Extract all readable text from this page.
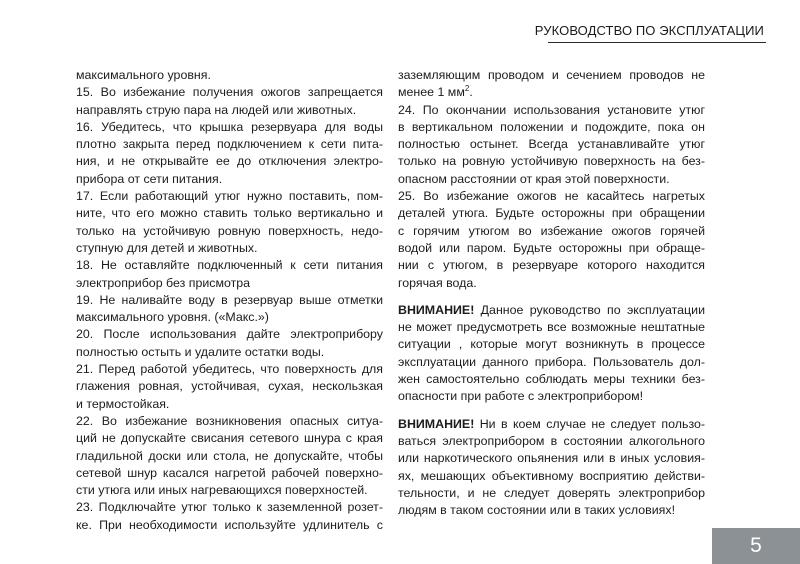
РУКОВОДСТВО ПО ЭКСПЛУАТАЦИИ
максимального уровня.
15. Во избежание получения ожогов запрещается
направлять струю пара на людей или животных.
16. Убедитесь, что крышка резервуара для воды
плотно закрыта перед подключением к сети пита-
ния, и не открывайте ее до отключения электро-
прибора от сети питания.
17. Если работающий утюг нужно поставить, пом-
ните, что его можно ставить только вертикально и
только на устойчивую ровную поверхность, недо-
ступную для детей и животных.
18. Не оставляйте подключенный к сети питания
электроприбор без присмотра
19. Не наливайте воду в резервуар выше отметки
максимального уровня. («Макс.»)
20. После использования дайте электроприбору
полностью остыть и удалите остатки воды.
21. Перед работой убедитесь, что поверхность для
глажения ровная, устойчивая, сухая, нескользкая
и термостойкая.
22. Во избежание возникновения опасных ситуа-
ций не допускайте свисания сетевого шнура с края
гладильной доски или стола, не допускайте, чтобы
сетевой шнур касался нагретой рабочей поверхно-
сти утюга или иных нагревающихся поверхностей.
23. Подключайте утюг только к заземленной розет-
ке. При необходимости используйте удлинитель с
заземляющим проводом и сечением проводов не
менее 1 $мм^2$.
24. По окончании использования установите утюг
в вертикальном положении и подождите, пока он
полностью остынет. Всегда устанавливайте утюг
только на ровную устойчивую поверхность на без-
опасном расстоянии от края этой поверхности.
25. Во избежание ожогов не касайтесь нагретых
деталей утюга. Будьте осторожны при обращении
с горячим утюгом во избежание ожогов горячей
водой или паром. Будьте осторожны при обраще-
нии с утюгом, в резервуаре которого находится
горячая вода.
ВНИМАНИЕ! Данное руководство по эксплуатации
не может предусмотреть все возможные нештатные
ситуации , которые могут возникнуть в процессе
эксплуатации данного прибора. Пользователь дол-
жен самостоятельно соблюдать меры техники без-
опасности при работе с электроприбором!
ВНИМАНИЕ! Ни в коем случае не следует пользо-
ваться электроприбором в состоянии алкогольного
или наркотического опьянения или в иных условия-
ях, мешающих объективному восприятию действи-
тельности, и не следует доверять электроприбор
людям в таком состоянии или в таких условиях!
5
